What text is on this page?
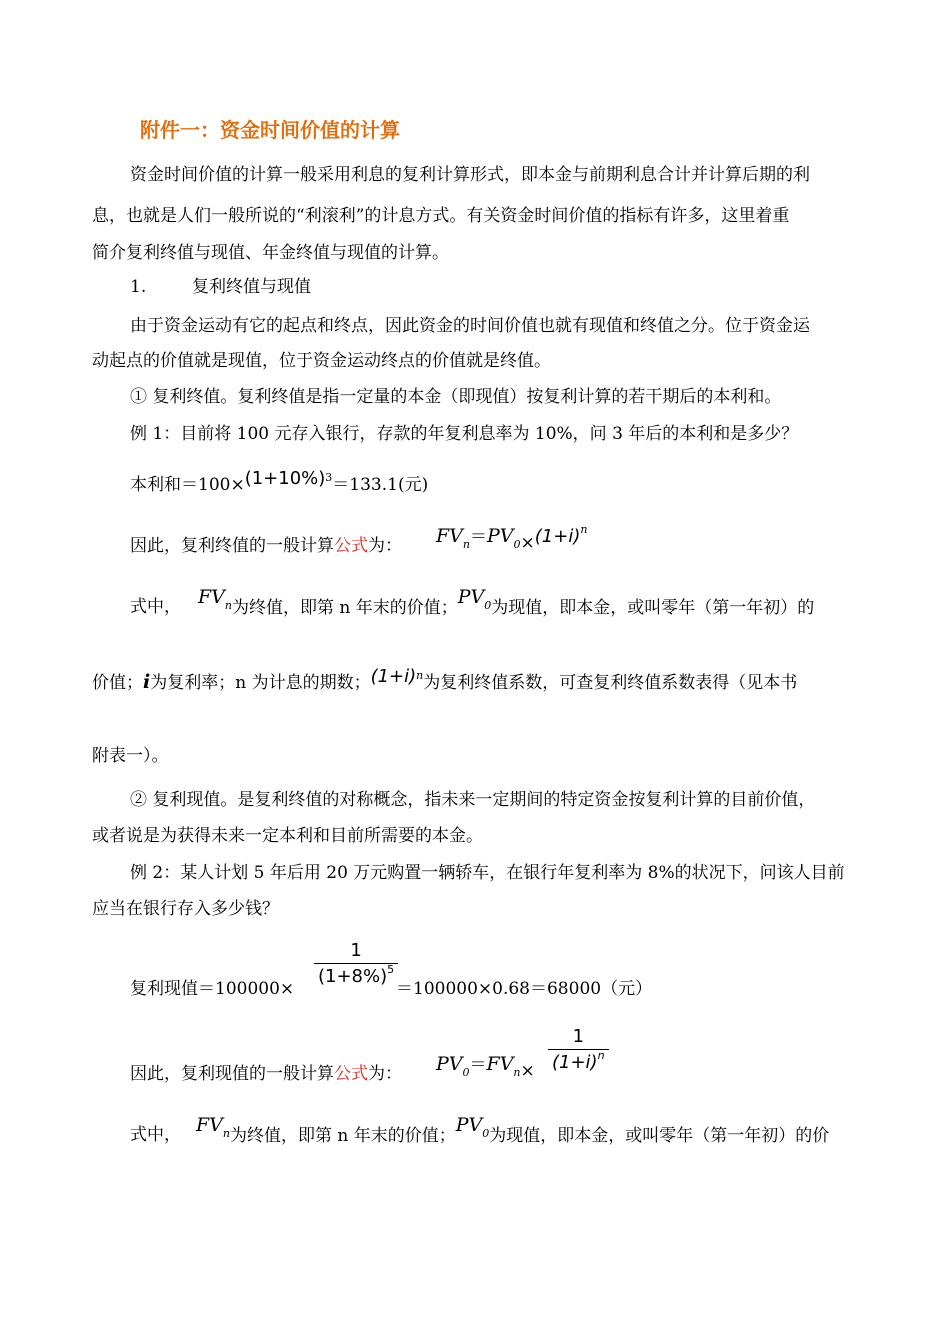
附件一：资金时间价值的计算
资金时间价值的计算一般采用利息的复利计算形式，即本金与前期利息合计并计算后期的利
息，也就是人们一般所说的“利滚利”的计息方式。有关资金时间价值的指标有许多，这里着重
简介复利终值与现值、年金终值与现值的计算。
1.	复利终值与现值
由于资金运动有它的起点和终点，因此资金的时间价值也就有现值和终值之分。位于资金运
动起点的价值就是现值，位于资金运动终点的价值就是终值。
① 复利终值。复利终值是指一定量的本金（即现值）按复利计算的若干期后的本利和。
例 1：目前将 100 元存入银行，存款的年复利息率为 10%，问 3 年后的本利和是多少？
本利和$=100\times(1+10\%)^3=133.1$(元)
因此，复利终值的一般计算公式为： $FV_n=PV_0\times(1+i)^n$
式中， $FV_n$为终值，即第 n 年末的价值；$PV_0$为现值，即本金，或叫零年（第一年初）的
价值；i为复利率；n 为计息的期数；$(1+i)^n$为复利终值系数，可查复利终值系数表得（见本书
附表一）。
② 复利现值。是复利终值的对称概念，指未来一定期间的特定资金按复利计算的目前价值，
或者说是为获得未来一定本利和目前所需要的本金。
例 2：某人计划 5 年后用 20 万元购置一辆轿车，在银行年复利率为 8%的状况下，问该人目前
应当在银行存入多少钱？
复利现值＝100000×
$\frac{1}{(1+8\%)^5}$
＝100000×0.68＝68000（元）
因此，复利现值的一般计算公式为： $PV_0=FV_n\times \frac{1}{(1+i)^n}$
式中， $FV_n$为终值，即第 n 年末的价值；$PV_0$为现值，即本金，或叫零年（第一年初）的价
